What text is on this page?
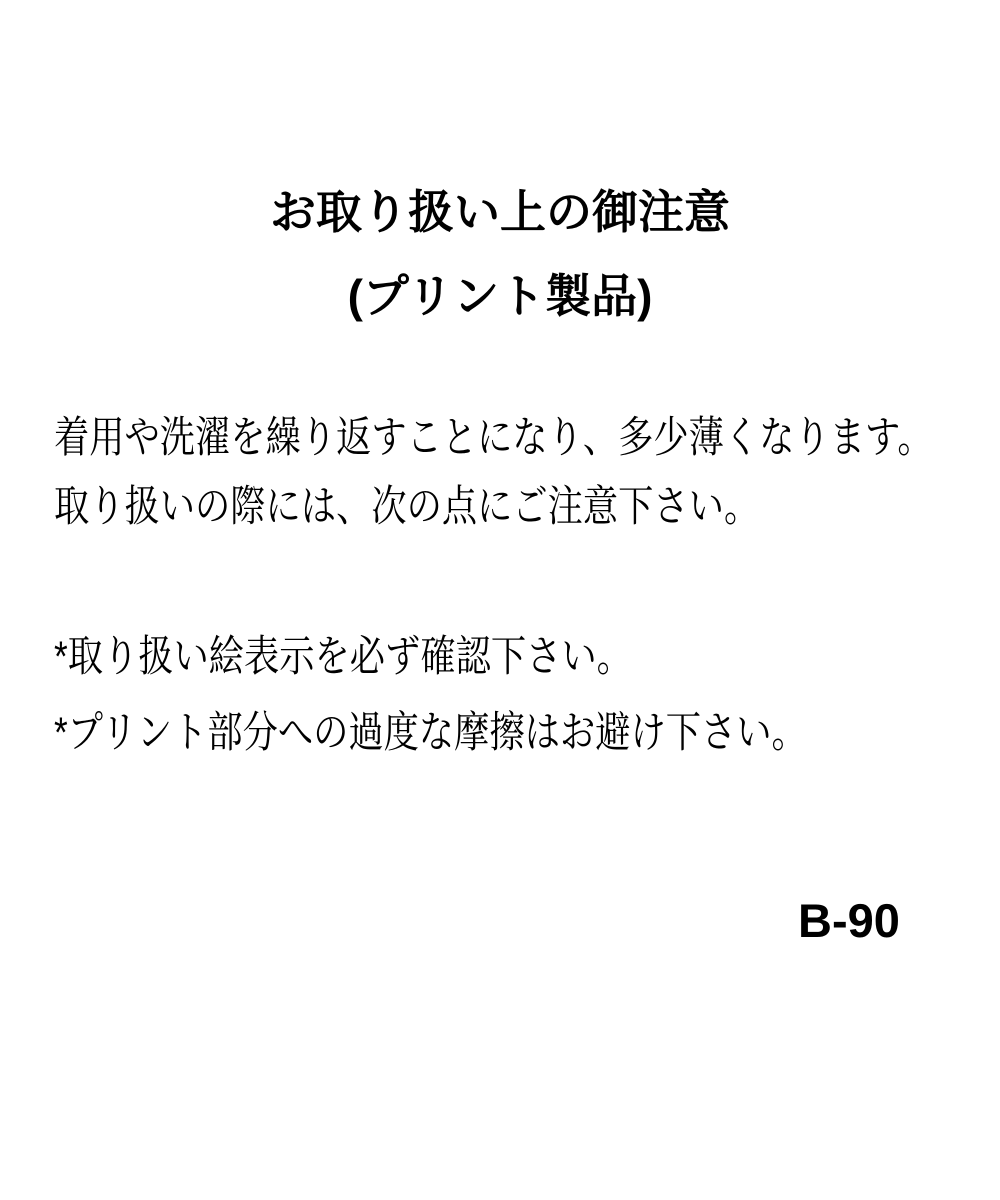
お取り扱い上の御注意
(プリント製品)

着用や洗濯を繰り返すことになり、多少薄くなります。

取り扱いの際には、次の点にご注意下さい。

*取り扱い絵表示を必ず確認下さい。

*プリント部分への過度な摩擦はお避け下さい。

B-90
